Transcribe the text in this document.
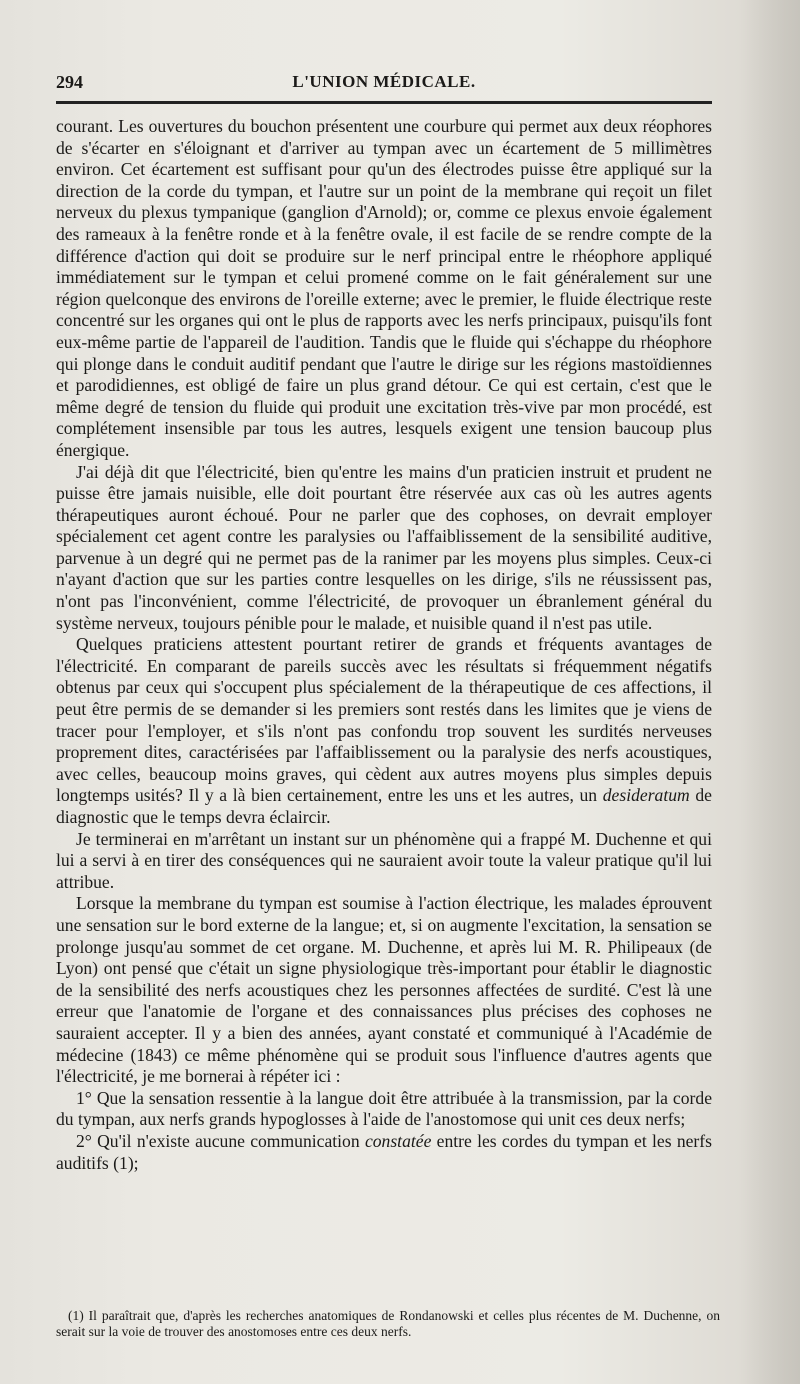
294	L'UNION MÉDICALE.

courant. Les ouvertures du bouchon présentent une courbure qui permet aux deux réophores de s'écarter en s'éloignant et d'arriver au tympan avec un écartement de 5 millimètres environ. Cet écartement est suffisant pour qu'un des électrodes puisse être appliqué sur la direction de la corde du tympan, et l'autre sur un point de la membrane qui reçoit un filet nerveux du plexus tympanique (ganglion d'Arnold); or, comme ce plexus envoie également des rameaux à la fenêtre ronde et à la fenêtre ovale, il est facile de se rendre compte de la différence d'action qui doit se produire sur le nerf principal entre le rhéophore appliqué immédiatement sur le tympan et celui promené comme on le fait généralement sur une région quelconque des environs de l'oreille externe; avec le premier, le fluide électrique reste concentré sur les organes qui ont le plus de rapports avec les nerfs principaux, puisqu'ils font eux-même partie de l'appareil de l'audition. Tandis que le fluide qui s'échappe du rhéophore qui plonge dans le conduit auditif pendant que l'autre le dirige sur les régions mastoïdiennes et parodidiennes, est obligé de faire un plus grand détour. Ce qui est certain, c'est que le même degré de tension du fluide qui produit une excitation très-vive par mon procédé, est complétement insensible par tous les autres, lesquels exigent une tension baucoup plus énergique.

J'ai déjà dit que l'électricité, bien qu'entre les mains d'un praticien instruit et prudent ne puisse être jamais nuisible, elle doit pourtant être réservée aux cas où les autres agents thérapeutiques auront échoué. Pour ne parler que des cophoses, on devrait employer spécialement cet agent contre les paralysies ou l'affaiblissement de la sensibilité auditive, parvenue à un degré qui ne permet pas de la ranimer par les moyens plus simples. Ceux-ci n'ayant d'action que sur les parties contre lesquelles on les dirige, s'ils ne réussissent pas, n'ont pas l'inconvénient, comme l'électricité, de provoquer un ébranlement général du système nerveux, toujours pénible pour le malade, et nuisible quand il n'est pas utile.

Quelques praticiens attestent pourtant retirer de grands et fréquents avantages de l'électricité. En comparant de pareils succès avec les résultats si fréquemment négatifs obtenus par ceux qui s'occupent plus spécialement de la thérapeutique de ces affections, il peut être permis de se demander si les premiers sont restés dans les limites que je viens de tracer pour l'employer, et s'ils n'ont pas confondu trop souvent les surdités nerveuses proprement dites, caractérisées par l'affaiblissement ou la paralysie des nerfs acoustiques, avec celles, beaucoup moins graves, qui cèdent aux autres moyens plus simples depuis longtemps usités? Il y a là bien certainement, entre les uns et les autres, un desideratum de diagnostic que le temps devra éclaircir.

Je terminerai en m'arrêtant un instant sur un phénomène qui a frappé M. Duchenne et qui lui a servi à en tirer des conséquences qui ne sauraient avoir toute la valeur pratique qu'il lui attribue.

Lorsque la membrane du tympan est soumise à l'action électrique, les malades éprouvent une sensation sur le bord externe de la langue; et, si on augmente l'excitation, la sensation se prolonge jusqu'au sommet de cet organe. M. Duchenne, et après lui M. R. Philipeaux (de Lyon) ont pensé que c'était un signe physiologique très-important pour établir le diagnostic de la sensibilité des nerfs acoustiques chez les personnes affectées de surdité. C'est là une erreur que l'anatomie de l'organe et des connaissances plus précises des cophoses ne sauraient accepter. Il y a bien des années, ayant constaté et communiqué à l'Académie de médecine (1843) ce même phénomène qui se produit sous l'influence d'autres agents que l'électricité, je me bornerai à répéter ici :

1° Que la sensation ressentie à la langue doit être attribuée à la transmission, par la corde du tympan, aux nerfs grands hypoglosses à l'aide de l'anostomose qui unit ces deux nerfs;

2° Qu'il n'existe aucune communication constatée entre les cordes du tympan et les nerfs auditifs (1);

(1) Il paraîtrait que, d'après les recherches anatomiques de Rondanowski et celles plus récentes de M. Duchenne, on serait sur la voie de trouver des anostomoses entre ces deux nerfs.
